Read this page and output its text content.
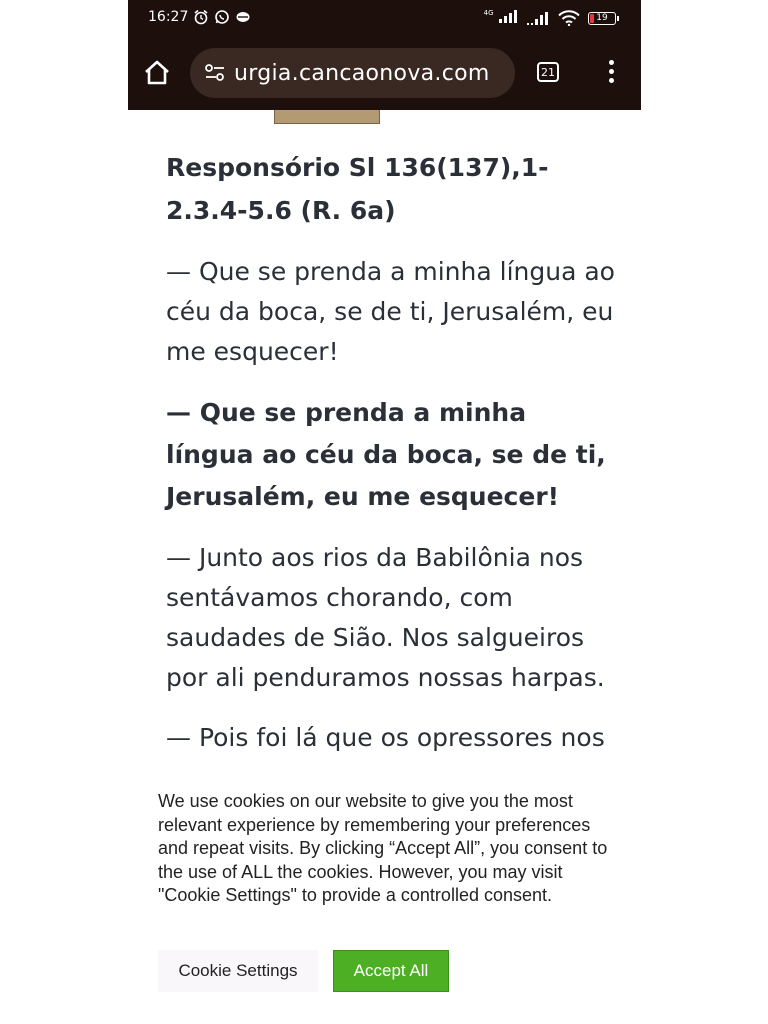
16:27	$^{4G}$	19
urgia.cancaonova.com	21

Responsório Sl 136(137),1-2.3.4-5.6 (R. 6a)

— Que se prenda a minha língua ao céu da boca, se de ti, Jerusalém, eu me esquecer!

— Que se prenda a minha língua ao céu da boca, se de ti, Jerusalém, eu me esquecer!

— Junto aos rios da Babilônia nos sentávamos chorando, com saudades de Sião. Nos salgueiros por ali penduramos nossas harpas.

— Pois foi lá que os opressores nos

We use cookies on our website to give you the most relevant experience by remembering your preferences and repeat visits. By clicking “Accept All”, you consent to the use of ALL the cookies. However, you may visit "Cookie Settings" to provide a controlled consent.
Cookie Settings	Accept All
